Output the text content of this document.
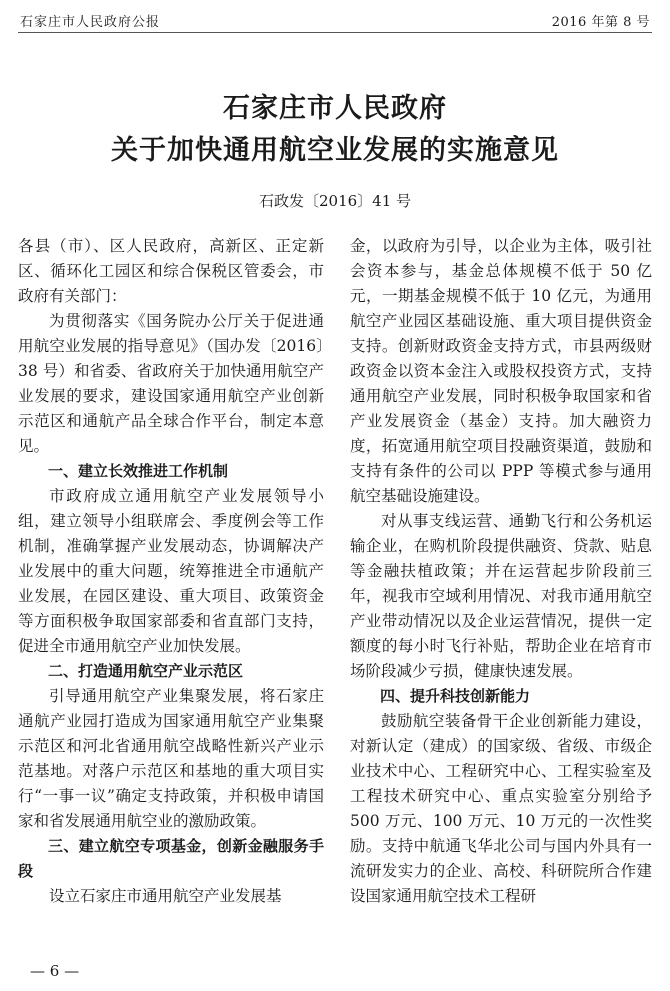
石家庄市人民政府公报	2016 年第 8 号
石家庄市人民政府
关于加快通用航空业发展的实施意见
石政发〔2016〕41 号

各县（市）、区人民政府，高新区、正定新区、循环化工园区和综合保税区管委会，市政府有关部门：

为贯彻落实《国务院办公厅关于促进通用航空业发展的指导意见》（国办发〔2016〕38 号）和省委、省政府关于加快通用航空产业发展的要求，建设国家通用航空产业创新示范区和通航产品全球合作平台，制定本意见。

一、建立长效推进工作机制

市政府成立通用航空产业发展领导小组，建立领导小组联席会、季度例会等工作机制，准确掌握产业发展动态，协调解决产业发展中的重大问题，统筹推进全市通航产业发展，在园区建设、重大项目、政策资金等方面积极争取国家部委和省直部门支持，促进全市通用航空产业加快发展。

二、打造通用航空产业示范区

引导通用航空产业集聚发展，将石家庄通航产业园打造成为国家通用航空产业集聚示范区和河北省通用航空战略性新兴产业示范基地。对落户示范区和基地的重大项目实行“一事一议”确定支持政策，并积极申请国家和省发展通用航空业的激励政策。

三、建立航空专项基金，创新金融服务手段

设立石家庄市通用航空产业发展基

金，以政府为引导，以企业为主体，吸引社会资本参与，基金总体规模不低于 50 亿元，一期基金规模不低于 10 亿元，为通用航空产业园区基础设施、重大项目提供资金支持。创新财政资金支持方式，市县两级财政资金以资本金注入或股权投资方式，支持通用航空产业发展，同时积极争取国家和省产业发展资金（基金）支持。加大融资力度，拓宽通用航空项目投融资渠道，鼓励和支持有条件的公司以 PPP 等模式参与通用航空基础设施建设。

对从事支线运营、通勤飞行和公务机运输企业，在购机阶段提供融资、贷款、贴息等金融扶植政策；并在运营起步阶段前三年，视我市空域利用情况、对我市通用航空产业带动情况以及企业运营情况，提供一定额度的每小时飞行补贴，帮助企业在培育市场阶段减少亏损，健康快速发展。

四、提升科技创新能力

鼓励航空装备骨干企业创新能力建设，对新认定（建成）的国家级、省级、市级企业技术中心、工程研究中心、工程实验室及工程技术研究中心、重点实验室分别给予 500 万元、100 万元、10 万元的一次性奖励。支持中航通飞华北公司与国内外具有一流研发实力的企业、高校、科研院所合作建设国家通用航空技术工程研

— 6 —
